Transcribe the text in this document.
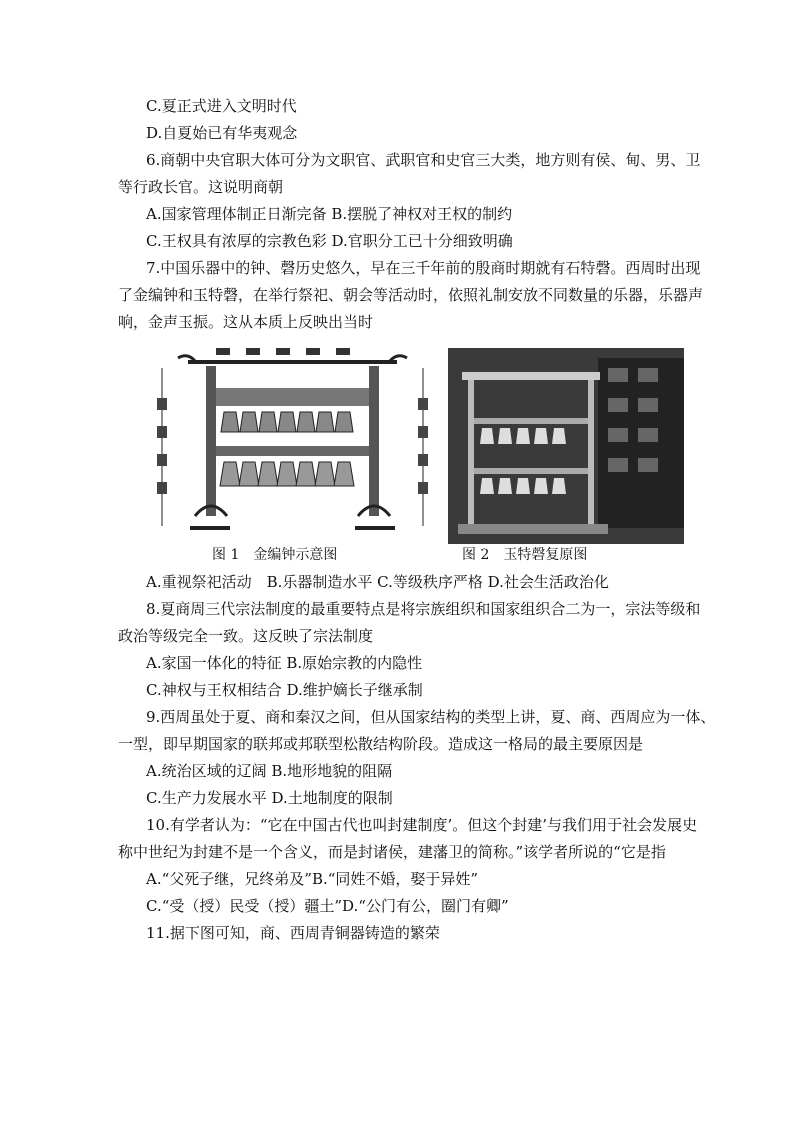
C.夏正式进入文明时代
D.自夏始已有华夷观念
6.商朝中央官职大体可分为文职官、武职官和史官三大类，地方则有侯、甸、男、卫
等行政长官。这说明商朝
A.国家管理体制正日渐完备 B.摆脱了神权对王权的制约
C.王权具有浓厚的宗教色彩 D.官职分工已十分细致明确
7.中国乐器中的钟、磬历史悠久，早在三千年前的殷商时期就有石特磬。西周时出现
了金编钟和玉特磬，在举行祭祀、朝会等活动时，依照礼制安放不同数量的乐器，乐器声
响，金声玉振。这从本质上反映出当时
图 1　金编钟示意图	图 2　玉特磬复原图
A.重视祭祀活动　B.乐器制造水平 C.等级秩序严格 D.社会生活政治化
8.夏商周三代宗法制度的最重要特点是将宗族组织和国家组织合二为一，宗法等级和
政治等级完全一致。这反映了宗法制度
A.家国一体化的特征 B.原始宗教的内隐性
C.神权与王权相结合 D.维护嫡长子继承制
9.西周虽处于夏、商和秦汉之间，但从国家结构的类型上讲，夏、商、西周应为一体、
一型，即早期国家的联邦或邦联型松散结构阶段。造成这一格局的最主要原因是
A.统治区域的辽阔 B.地形地貌的阻隔
C.生产力发展水平 D.土地制度的限制
10.有学者认为：“它在中国古代也叫封建制度’。但这个封建’与我们用于社会发展史
称中世纪为封建不是一个含义，而是封诸侯，建藩卫的简称。”该学者所说的“它是指
A.“父死子继，兄终弟及”B.“同姓不婚，娶于异姓”
C.“受（授）民受（授）疆土”D.“公门有公，圈门有卿”
11.据下图可知，商、西周青铜器铸造的繁荣
